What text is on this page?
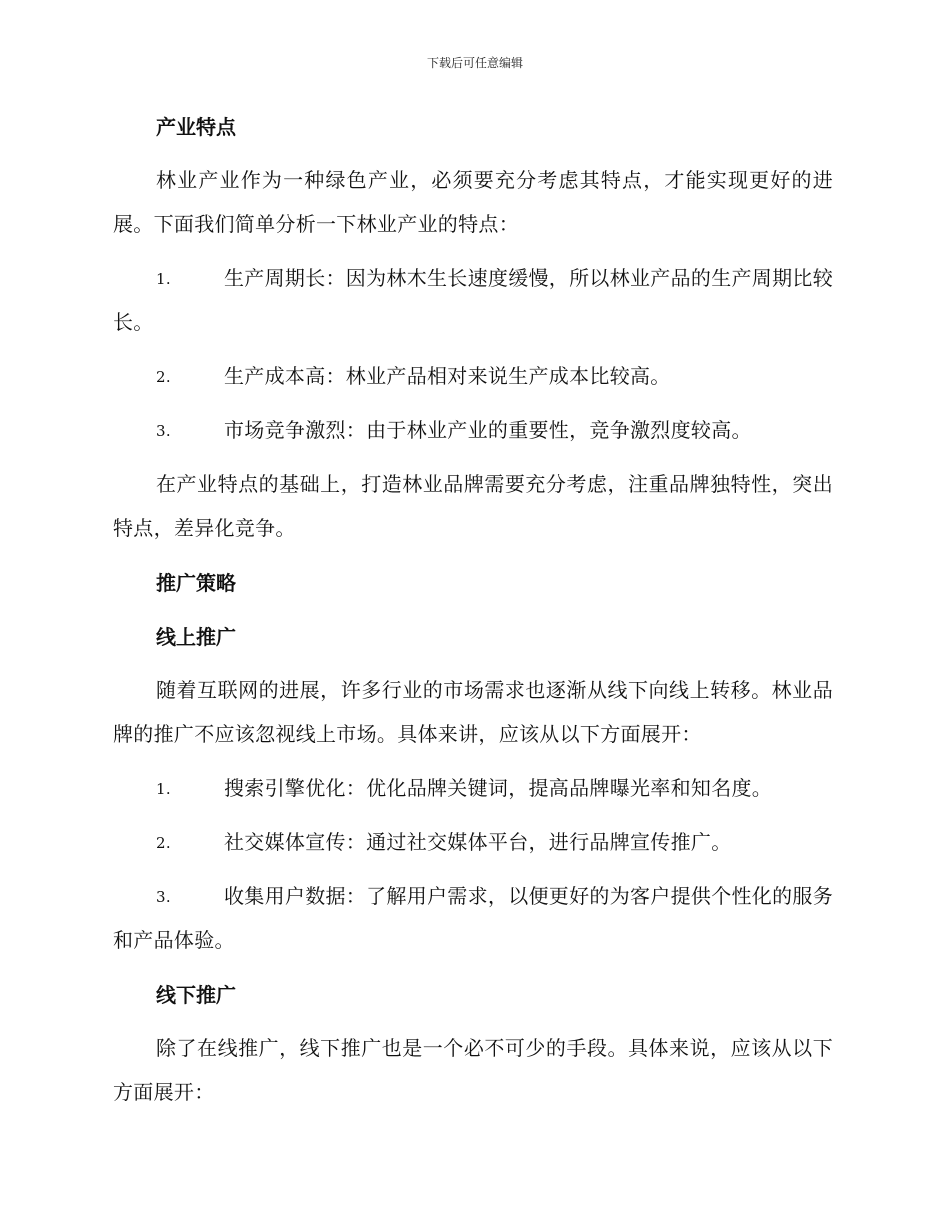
下载后可任意编辑
产业特点
林业产业作为一种绿色产业，必须要充分考虑其特点，才能实现更好的进展。下面我们简单分析一下林业产业的特点：
1.	生产周期长：因为林木生长速度缓慢，所以林业产品的生产周期比较长。
2.	生产成本高：林业产品相对来说生产成本比较高。
3.	市场竞争激烈：由于林业产业的重要性，竞争激烈度较高。
在产业特点的基础上，打造林业品牌需要充分考虑，注重品牌独特性，突出特点，差异化竞争。
推广策略
线上推广
随着互联网的进展，许多行业的市场需求也逐渐从线下向线上转移。林业品牌的推广不应该忽视线上市场。具体来讲，应该从以下方面展开：
1.	搜索引擎优化：优化品牌关键词，提高品牌曝光率和知名度。
2.	社交媒体宣传：通过社交媒体平台，进行品牌宣传推广。
3.	收集用户数据：了解用户需求，以便更好的为客户提供个性化的服务和产品体验。
线下推广
除了在线推广，线下推广也是一个必不可少的手段。具体来说，应该从以下方面展开：
